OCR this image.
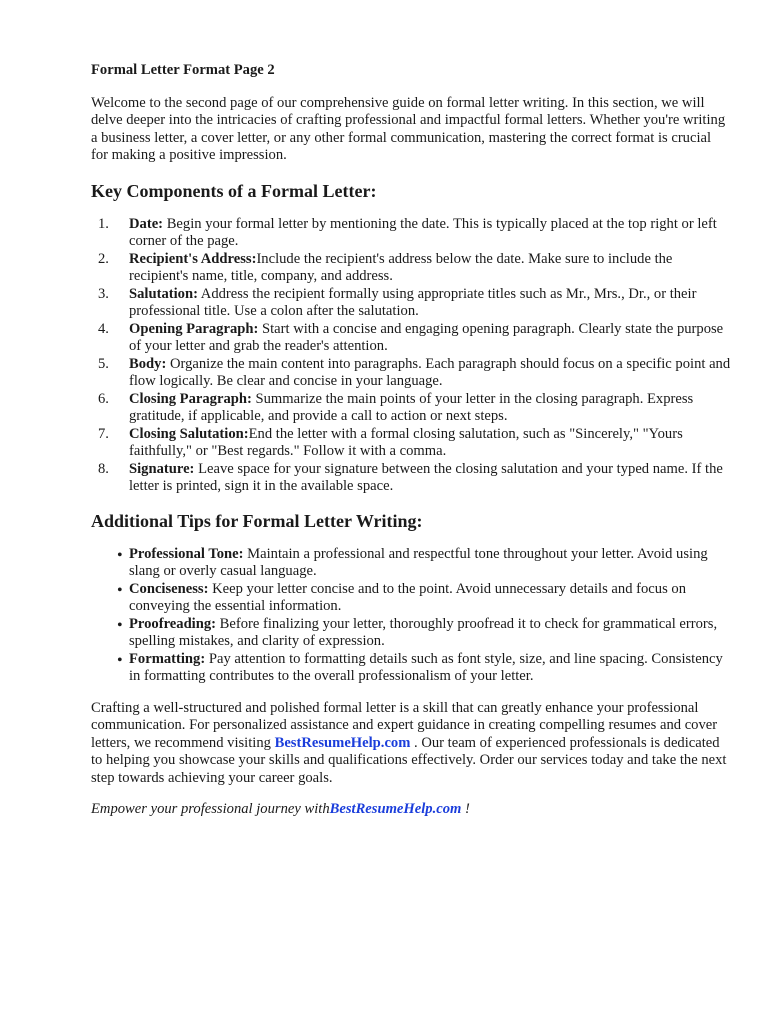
Formal Letter Format Page 2

Welcome to the second page of our comprehensive guide on formal letter writing. In this section, we will delve deeper into the intricacies of crafting professional and impactful formal letters. Whether you're writing a business letter, a cover letter, or any other formal communication, mastering the correct format is crucial for making a positive impression.

Key Components of a Formal Letter:
1. Date: Begin your formal letter by mentioning the date. This is typically placed at the top right or left corner of the page.
2. Recipient's Address:Include the recipient's address below the date. Make sure to include the recipient's name, title, company, and address.
3. Salutation: Address the recipient formally using appropriate titles such as Mr., Mrs., Dr., or their professional title. Use a colon after the salutation.
4. Opening Paragraph: Start with a concise and engaging opening paragraph. Clearly state the purpose of your letter and grab the reader's attention.
5. Body: Organize the main content into paragraphs. Each paragraph should focus on a specific point and flow logically. Be clear and concise in your language.
6. Closing Paragraph: Summarize the main points of your letter in the closing paragraph. Express gratitude, if applicable, and provide a call to action or next steps.
7. Closing Salutation:End the letter with a formal closing salutation, such as "Sincerely," "Yours faithfully," or "Best regards." Follow it with a comma.
8. Signature: Leave space for your signature between the closing salutation and your typed name. If the letter is printed, sign it in the available space.
Additional Tips for Formal Letter Writing:
• Professional Tone: Maintain a professional and respectful tone throughout your letter. Avoid using slang or overly casual language.
• Conciseness: Keep your letter concise and to the point. Avoid unnecessary details and focus on conveying the essential information.
• Proofreading: Before finalizing your letter, thoroughly proofread it to check for grammatical errors, spelling mistakes, and clarity of expression.
• Formatting: Pay attention to formatting details such as font style, size, and line spacing. Consistency in formatting contributes to the overall professionalism of your letter.

Crafting a well-structured and polished formal letter is a skill that can greatly enhance your professional communication. For personalized assistance and expert guidance in creating compelling resumes and cover letters, we recommend visiting BestResumeHelp.com . Our team of experienced professionals is dedicated to helping you showcase your skills and qualifications effectively. Order our services today and take the next step towards achieving your career goals.

Empower your professional journey withBestResumeHelp.com !
